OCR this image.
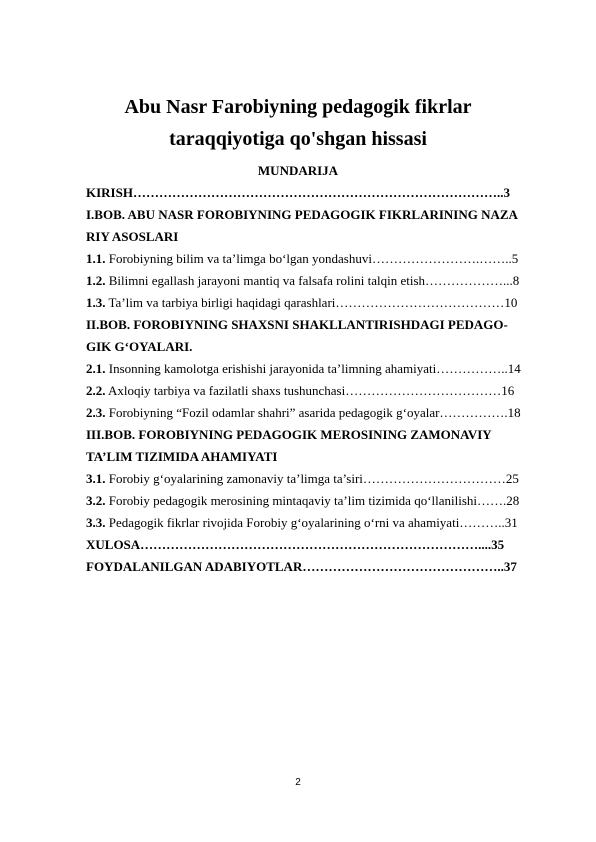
Abu Nasr Farobiyning pedagogik fikrlar
taraqqiyotiga qo'shgan hissasi
MUNDARIJA
KIRISH…………………………………………………………………………..3
I.BOB. ABU NASR FOROBIYNING PEDAGOGIK FIKRLARINING NAZA
RIY ASOSLARI
1.1. Forobiyning bilim va ta’limga bo‘lgan yondashuvi…………………….……..5
1.2. Bilimni egallash jarayoni mantiq va falsafa rolini talqin etish………………...8
1.3. Ta’lim va tarbiya birligi haqidagi qarashlari…………………………………10
II.BOB. FOROBIYNING SHAXSNI SHAKLLANTIRISHDAGI PEDAGO-
GIK G‘OYALARI.
2.1. Insonning kamolotga erishishi jarayonida ta’limning ahamiyati……………..14
2.2. Axloqiy tarbiya va fazilatli shaxs tushunchasi………………………………16
2.3. Forobiyning “Fozil odamlar shahri” asarida pedagogik g‘oyalar…………….18
III.BOB. FOROBIYNING PEDAGOGIK MEROSINING ZAMONAVIY
TA’LIM TIZIMIDA AHAMIYATI
3.1. Forobiy g‘oyalarining zamonaviy ta’limga ta’siri……………………………25
3.2. Forobiy pedagogik merosining mintaqaviy ta’lim tizimida qo‘llanilishi…….28
3.3. Pedagogik fikrlar rivojida Forobiy g‘oyalarining o‘rni va ahamiyati………..31
XULOSA……………………………………………………………………....35
FOYDALANILGAN ADABIYOTLAR………………………………………..37
2
